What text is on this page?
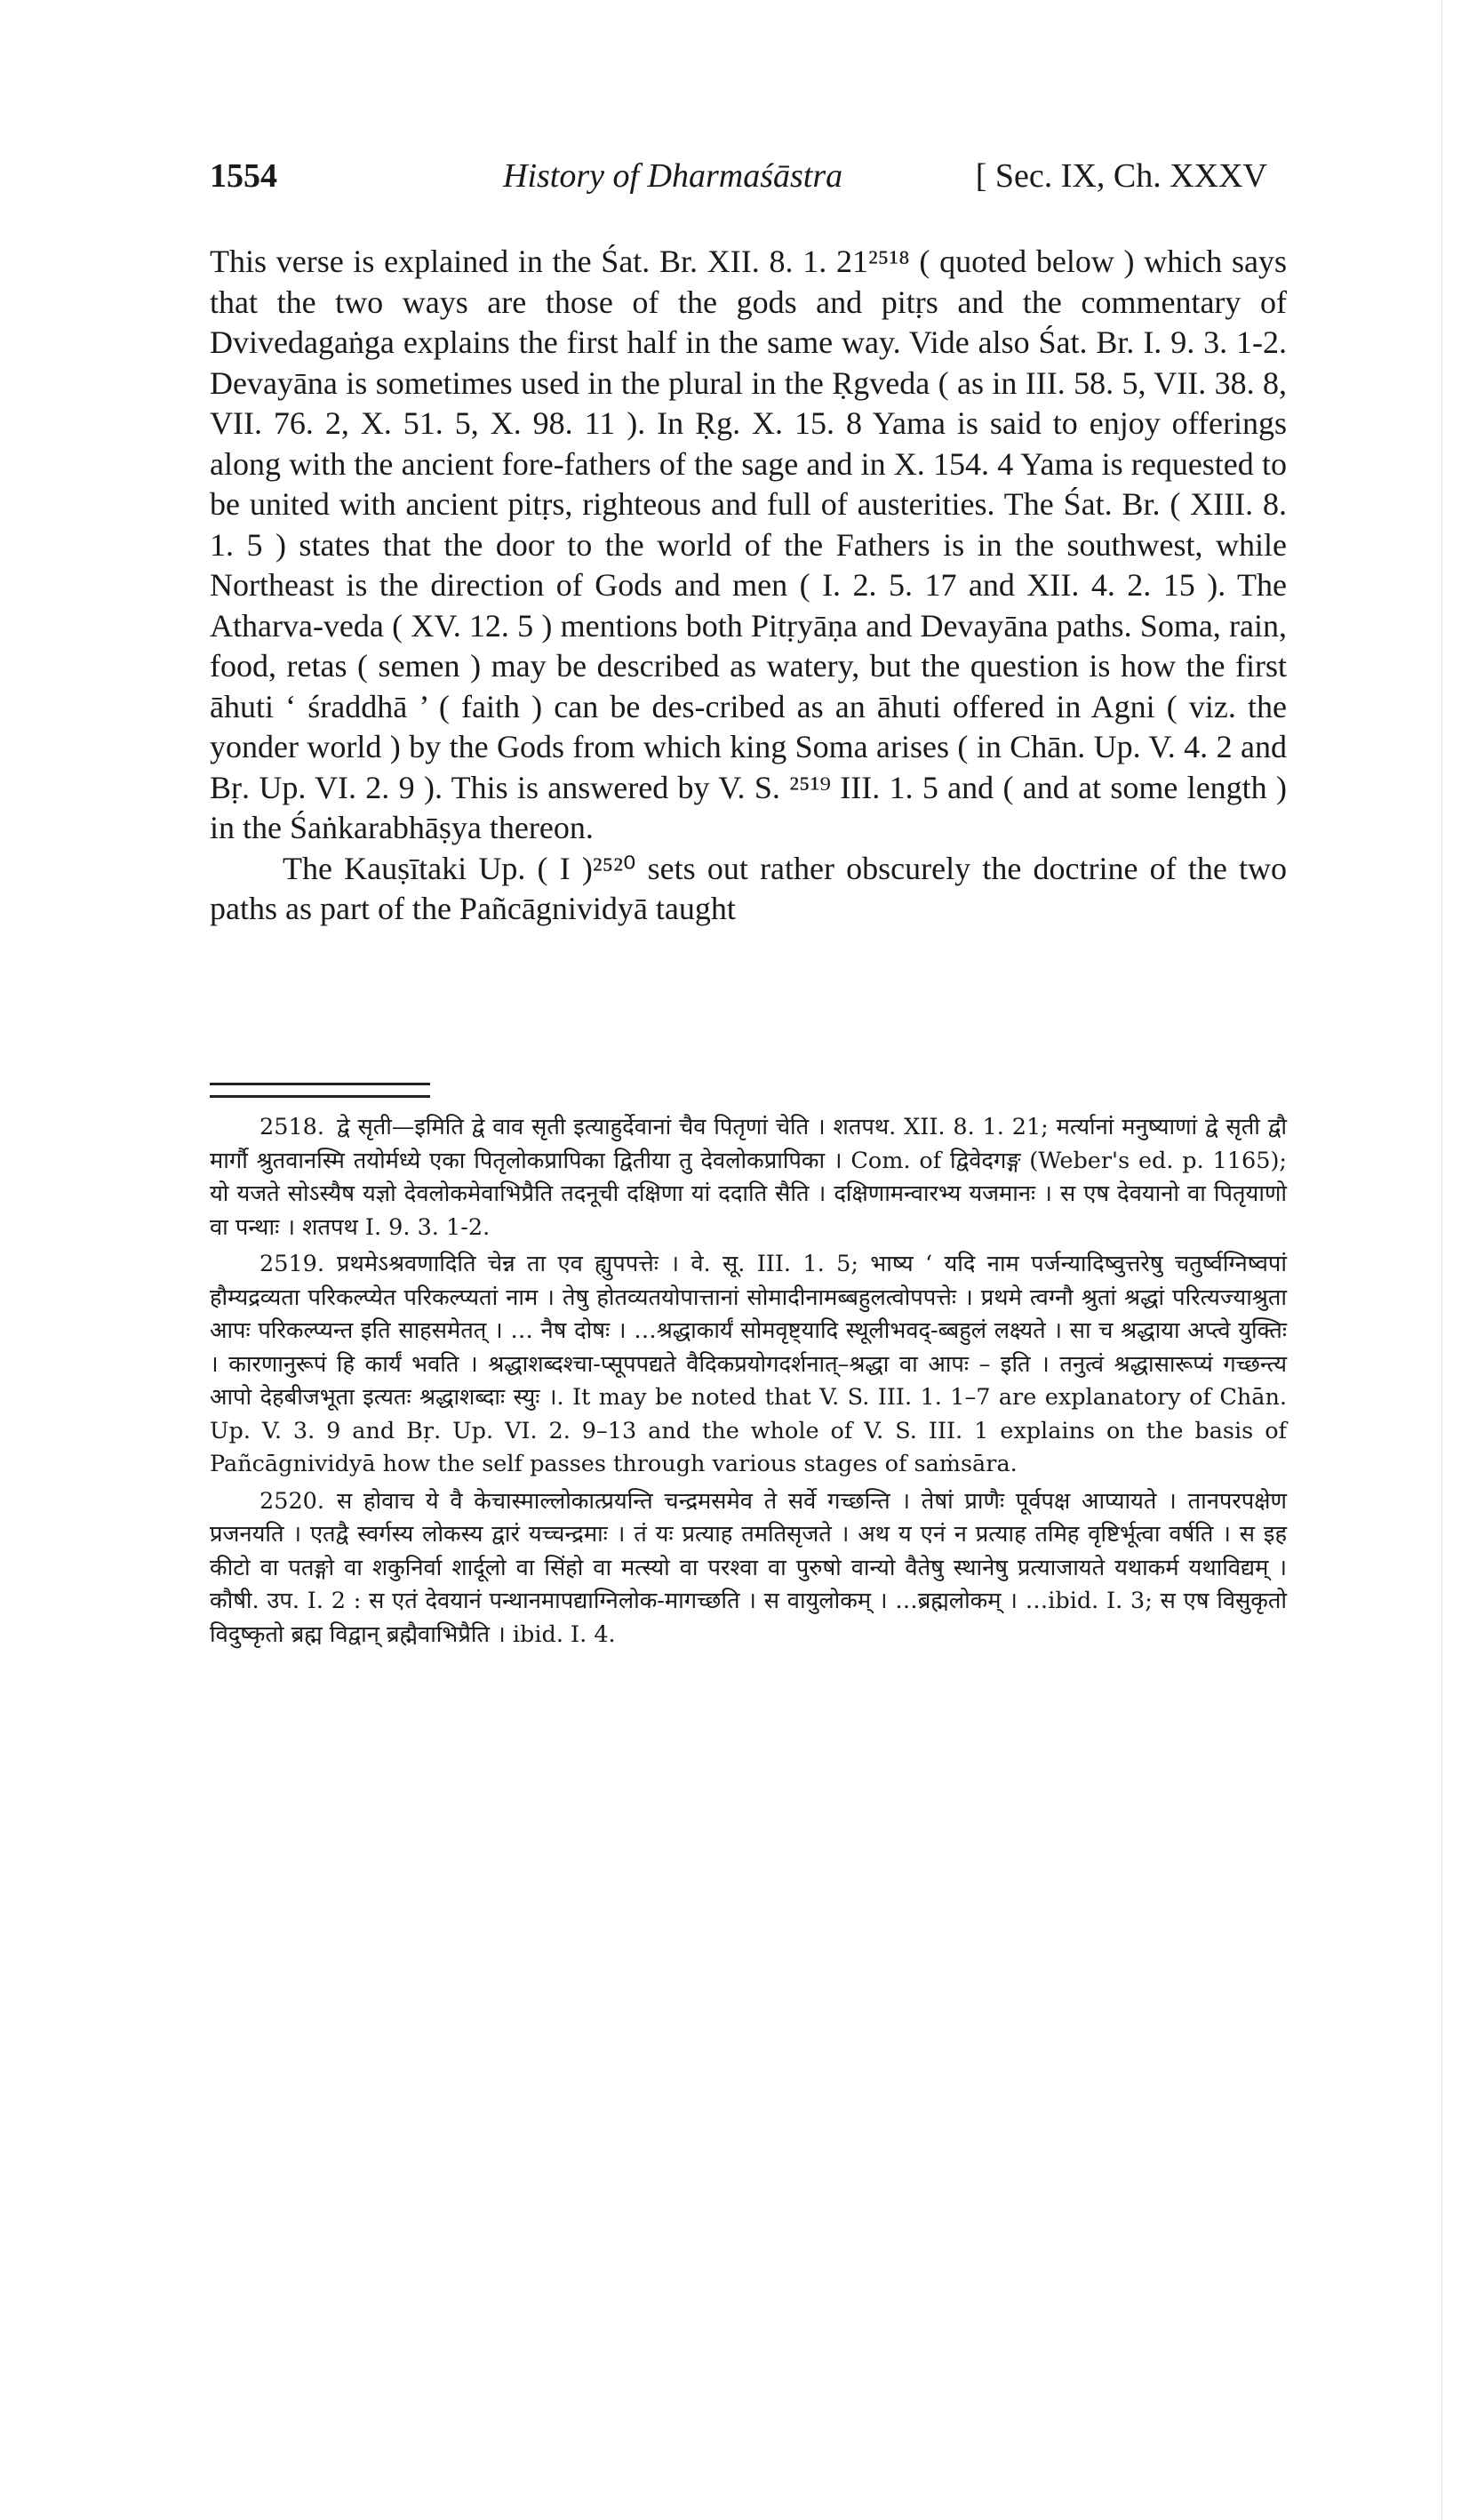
1554	History of Dharmaśāstra	[ Sec. IX, Ch. XXXV

This verse is explained in the Śat. Br. XII. 8. 1. 21²⁵¹⁸ ( quoted below ) which says that the two ways are those of the gods and pitṛs and the commentary of Dvivedagaṅga explains the first half in the same way. Vide also Śat. Br. I. 9. 3. 1-2. Devayāna is sometimes used in the plural in the Ṛgveda ( as in III. 58. 5, VII. 38. 8, VII. 76. 2, X. 51. 5, X. 98. 11 ). In Ṛg. X. 15. 8 Yama is said to enjoy offerings along with the ancient fore-fathers of the sage and in X. 154. 4 Yama is requested to be united with ancient pitṛs, righteous and full of austerities. The Śat. Br. ( XIII. 8. 1. 5 ) states that the door to the world of the Fathers is in the southwest, while Northeast is the direction of Gods and men ( I. 2. 5. 17 and XII. 4. 2. 15 ). The Atharva-veda ( XV. 12. 5 ) mentions both Pitṛyāṇa and Devayāna paths. Soma, rain, food, retas ( semen ) may be described as watery, but the question is how the first āhuti ‘ śraddhā ’ ( faith ) can be des-cribed as an āhuti offered in Agni ( viz. the yonder world ) by the Gods from which king Soma arises ( in Chān. Up. V. 4. 2 and Bṛ. Up. VI. 2. 9 ). This is answered by V. S. ²⁵¹⁹ III. 1. 5 and ( and at some length ) in the Śaṅkarabhāṣya thereon.

The Kauṣītaki Up. ( I )²⁵²⁰ sets out rather obscurely the doctrine of the two paths as part of the Pañcāgnividyā taught

2518. द्वे सृती—इमिति द्वे वाव सृती इत्याहुर्देवानां चैव पितृणां चेति । शतपथ. XII. 8. 1. 21; मर्त्यानां मनुष्याणां द्वे सृती द्वौ मार्गौ श्रुतवानस्मि तयोर्मध्ये एका पितृलोकप्रापिका द्वितीया तु देवलोकप्रापिका । Com. of द्विवेदगङ्ग (Weber's ed. p. 1165); यो यजते सोऽस्यैष यज्ञो देवलोकमेवाभिप्रैति तदनूची दक्षिणा यां ददाति सैति । दक्षिणामन्वारभ्य यजमानः । स एष देवयानो वा पितृयाणो वा पन्थाः । शतपथ I. 9. 3. 1-2.

2519. प्रथमेऽश्रवणादिति चेन्न ता एव ह्युपपत्तेः । वे. सू. III. 1. 5; भाष्य ‘ यदि नाम पर्जन्यादिष्वुत्तरेषु चतुर्ष्वग्निष्वपां हौम्यद्रव्यता परिकल्प्येत परिकल्प्यतां नाम । तेषु होतव्यतयोपात्तानां सोमादीनामब्बहुलत्वोपपत्तेः । प्रथमे त्वग्नौ श्रुतां श्रद्धां परित्यज्याश्रुता आपः परिकल्प्यन्त इति साहसमेतत् । … नैष दोषः । …श्रद्धाकार्यं सोमवृष्ट्यादि स्थूलीभवद्-ब्बहुलं लक्ष्यते । सा च श्रद्धाया अप्त्वे युक्तिः । कारणानुरूपं हि कार्यं भवति । श्रद्धाशब्दश्चा-प्सूपपद्यते वैदिकप्रयोगदर्शनात्–श्रद्धा वा आपः – इति । तनुत्वं श्रद्धासारूप्यं गच्छन्त्य आपो देहबीजभूता इत्यतः श्रद्धाशब्दाः स्युः ।. It may be noted that V. S. III. 1. 1–7 are explanatory of Chān. Up. V. 3. 9 and Bṛ. Up. VI. 2. 9–13 and the whole of V. S. III. 1 explains on the basis of Pañcāgnividyā how the self passes through various stages of saṁsāra.

2520. स होवाच ये वै केचास्माल्लोकात्प्रयन्ति चन्द्रमसमेव ते सर्वे गच्छन्ति । तेषां प्राणैः पूर्वपक्ष आप्यायते । तानपरपक्षेण प्रजनयति । एतद्वै स्वर्गस्य लोकस्य द्वारं यच्चन्द्रमाः । तं यः प्रत्याह तमतिसृजते । अथ य एनं न प्रत्याह तमिह वृष्टिर्भूत्वा वर्षति । स इह कीटो वा पतङ्गो वा शकुनिर्वा शार्दूलो वा सिंहो वा मत्स्यो वा परश्वा वा पुरुषो वान्यो वैतेषु स्थानेषु प्रत्याजायते यथाकर्म यथाविद्यम् । कौषी. उप. I. 2 : स एतं देवयानं पन्थानमापद्याग्निलोक-मागच्छति । स वायुलोकम् । …ब्रह्मलोकम् । …ibid. I. 3; स एष विसुकृतो विदुष्कृतो ब्रह्म विद्वान् ब्रह्मैवाभिप्रैति । ibid. I. 4.
